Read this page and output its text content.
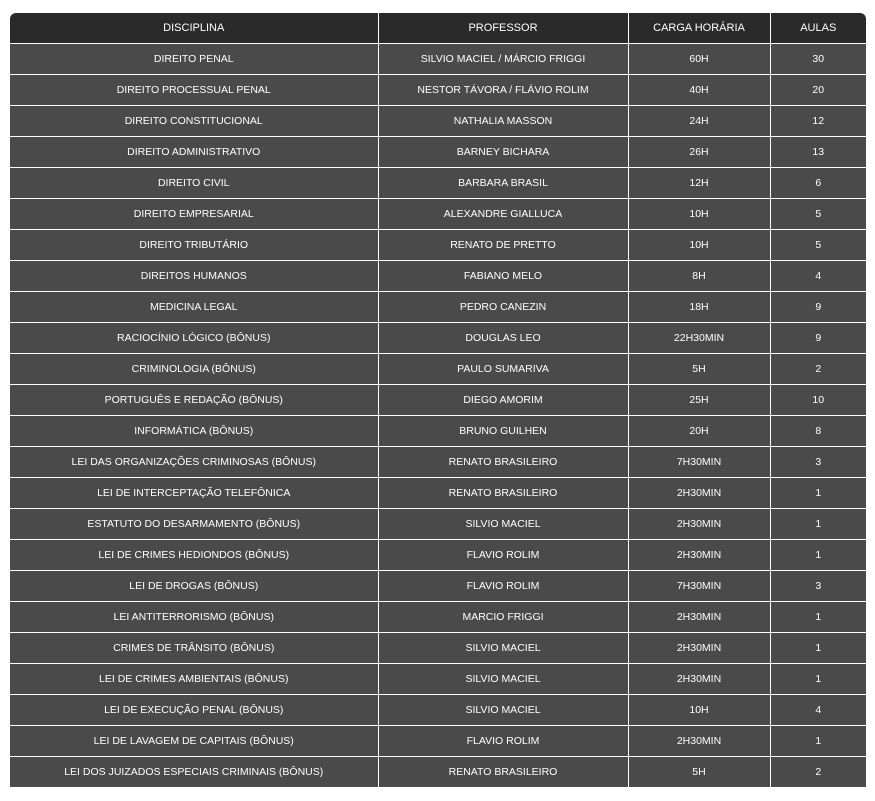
DISCIPLINA	PROFESSOR	CARGA HORÁRIA	AULAS
DIREITO PENAL	SILVIO MACIEL / MÁRCIO FRIGGI	60H	30
DIREITO PROCESSUAL PENAL	NESTOR TÁVORA / FLÁVIO ROLIM	40H	20
DIREITO CONSTITUCIONAL	NATHALIA MASSON	24H	12
DIREITO ADMINISTRATIVO	BARNEY BICHARA	26H	13
DIREITO CIVIL	BARBARA BRASIL	12H	6
DIREITO EMPRESARIAL	ALEXANDRE GIALLUCA	10H	5
DIREITO TRIBUTÁRIO	RENATO DE PRETTO	10H	5
DIREITOS HUMANOS	FABIANO MELO	8H	4
MEDICINA LEGAL	PEDRO CANEZIN	18H	9
RACIOCÍNIO LÓGICO (BÔNUS)	DOUGLAS LEO	22H30MIN	9
CRIMINOLOGIA (BÔNUS)	PAULO SUMARIVA	5H	2
PORTUGUÊS E REDAÇÃO (BÔNUS)	DIEGO AMORIM	25H	10
INFORMÁTICA (BÔNUS)	BRUNO GUILHEN	20H	8
LEI DAS ORGANIZAÇÕES CRIMINOSAS (BÔNUS)	RENATO BRASILEIRO	7H30MIN	3
LEI DE INTERCEPTAÇÃO TELEFÔNICA	RENATO BRASILEIRO	2H30MIN	1
ESTATUTO DO DESARMAMENTO (BÔNUS)	SILVIO MACIEL	2H30MIN	1
LEI DE CRIMES HEDIONDOS (BÔNUS)	FLAVIO ROLIM	2H30MIN	1
LEI DE DROGAS (BÔNUS)	FLAVIO ROLIM	7H30MIN	3
LEI ANTITERRORISMO (BÔNUS)	MARCIO FRIGGI	2H30MIN	1
CRIMES DE TRÂNSITO (BÔNUS)	SILVIO MACIEL	2H30MIN	1
LEI DE CRIMES AMBIENTAIS (BÔNUS)	SILVIO MACIEL	2H30MIN	1
LEI DE EXECUÇÃO PENAL (BÔNUS)	SILVIO MACIEL	10H	4
LEI DE LAVAGEM DE CAPITAIS (BÔNUS)	FLAVIO ROLIM	2H30MIN	1
LEI DOS JUIZADOS ESPECIAIS CRIMINAIS (BÔNUS)	RENATO BRASILEIRO	5H	2
